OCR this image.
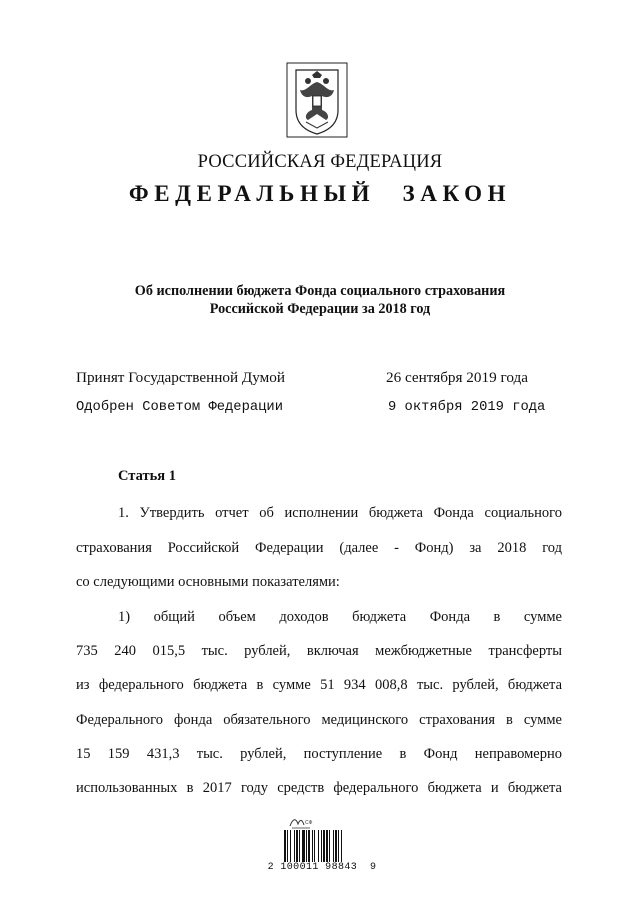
РОССИЙСКАЯ ФЕДЕРАЦИЯ
ФЕДЕРАЛЬНЫЙ ЗАКОН
Об исполнении бюджета Фонда социального страхования
Российской Федерации за 2018 год
Принят Государственной Думой	26 сентября 2019 года
Одобрен Советом Федерации	9 октября 2019 года
Статья 1
1. Утвердить отчет об исполнении бюджета Фонда социального
страхования Российской Федерации (далее - Фонд) за 2018 год
со следующими основными показателями:
1) общий объем доходов бюджета Фонда в сумме
735 240 015,5 тыс. рублей, включая межбюджетные трансферты
из федерального бюджета в сумме 51 934 008,8 тыс. рублей, бюджета
Федерального фонда обязательного медицинского страхования в сумме
15 159 431,3 тыс. рублей, поступление в Фонд неправомерно
использованных в 2017 году средств федерального бюджета и бюджета
СФ
2 100011 98843  9
